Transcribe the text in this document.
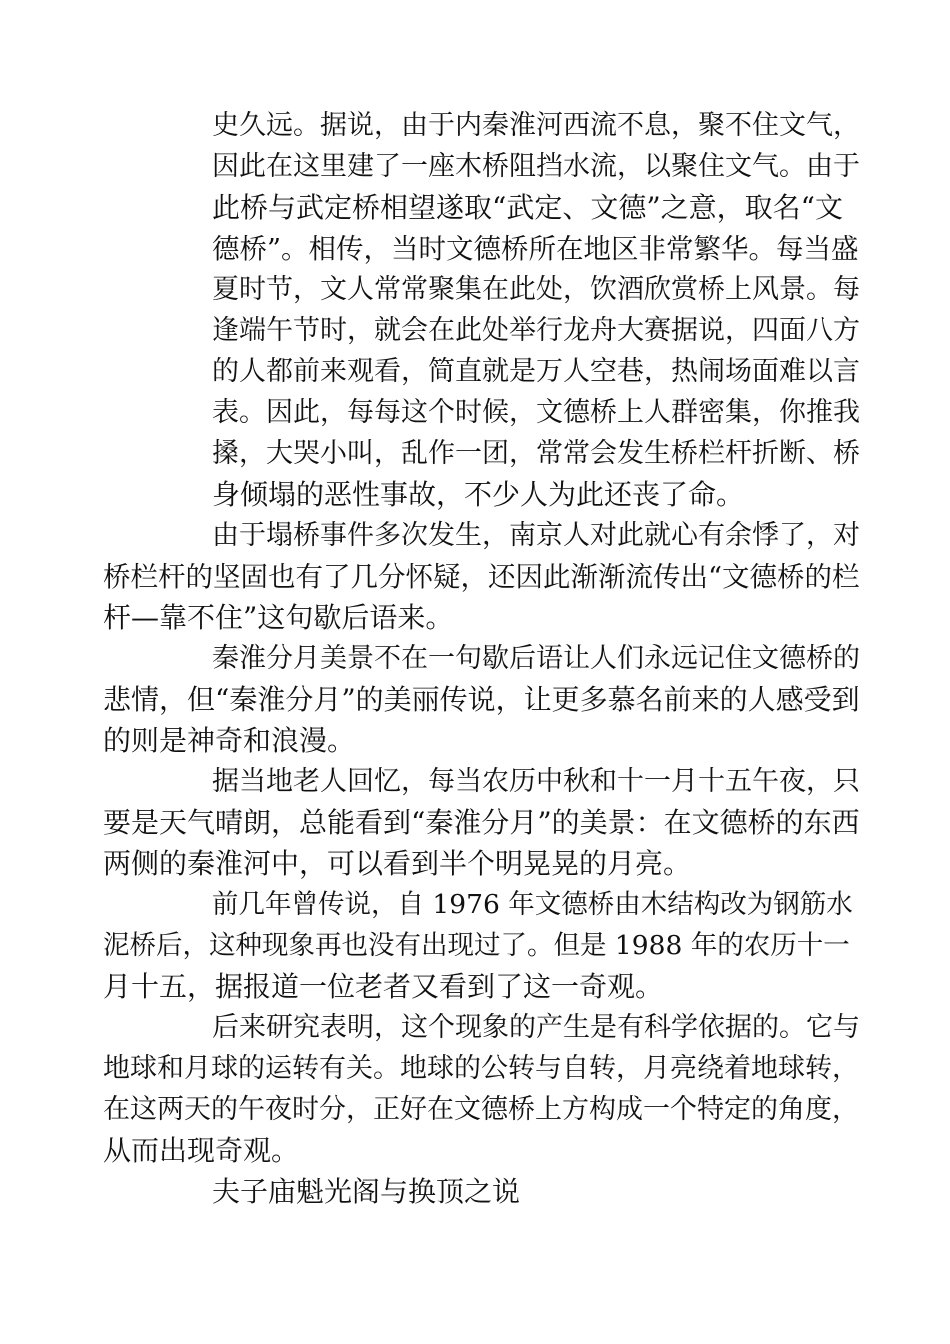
史久远。据说，由于内秦淮河西流不息，聚不住文气，
因此在这里建了一座木桥阻挡水流，以聚住文气。由于
此桥与武定桥相望遂取“武定、文德”之意，取名“文
德桥”。相传，当时文德桥所在地区非常繁华。每当盛
夏时节，文人常常聚集在此处，饮酒欣赏桥上风景。每
逢端午节时，就会在此处举行龙舟大赛据说，四面八方
的人都前来观看，简直就是万人空巷，热闹场面难以言
表。因此，每每这个时候，文德桥上人群密集，你推我
搡，大哭小叫，乱作一团，常常会发生桥栏杆折断、桥
身倾塌的恶性事故，不少人为此还丧了命。
由于塌桥事件多次发生，南京人对此就心有余悸了，对
桥栏杆的坚固也有了几分怀疑，还因此渐渐流传出“文德桥的栏
杆—靠不住”这句歇后语来。
秦淮分月美景不在一句歇后语让人们永远记住文德桥的
悲情，但“秦淮分月”的美丽传说，让更多慕名前来的人感受到
的则是神奇和浪漫。
据当地老人回忆，每当农历中秋和十一月十五午夜，只
要是天气晴朗，总能看到“秦淮分月”的美景：在文德桥的东西
两侧的秦淮河中，可以看到半个明晃晃的月亮。
前几年曾传说，自 1976 年文德桥由木结构改为钢筋水
泥桥后，这种现象再也没有出现过了。但是 1988 年的农历十一
月十五，据报道一位老者又看到了这一奇观。
后来研究表明，这个现象的产生是有科学依据的。它与
地球和月球的运转有关。地球的公转与自转，月亮绕着地球转，
在这两天的午夜时分，正好在文德桥上方构成一个特定的角度，
从而出现奇观。
夫子庙魁光阁与换顶之说
